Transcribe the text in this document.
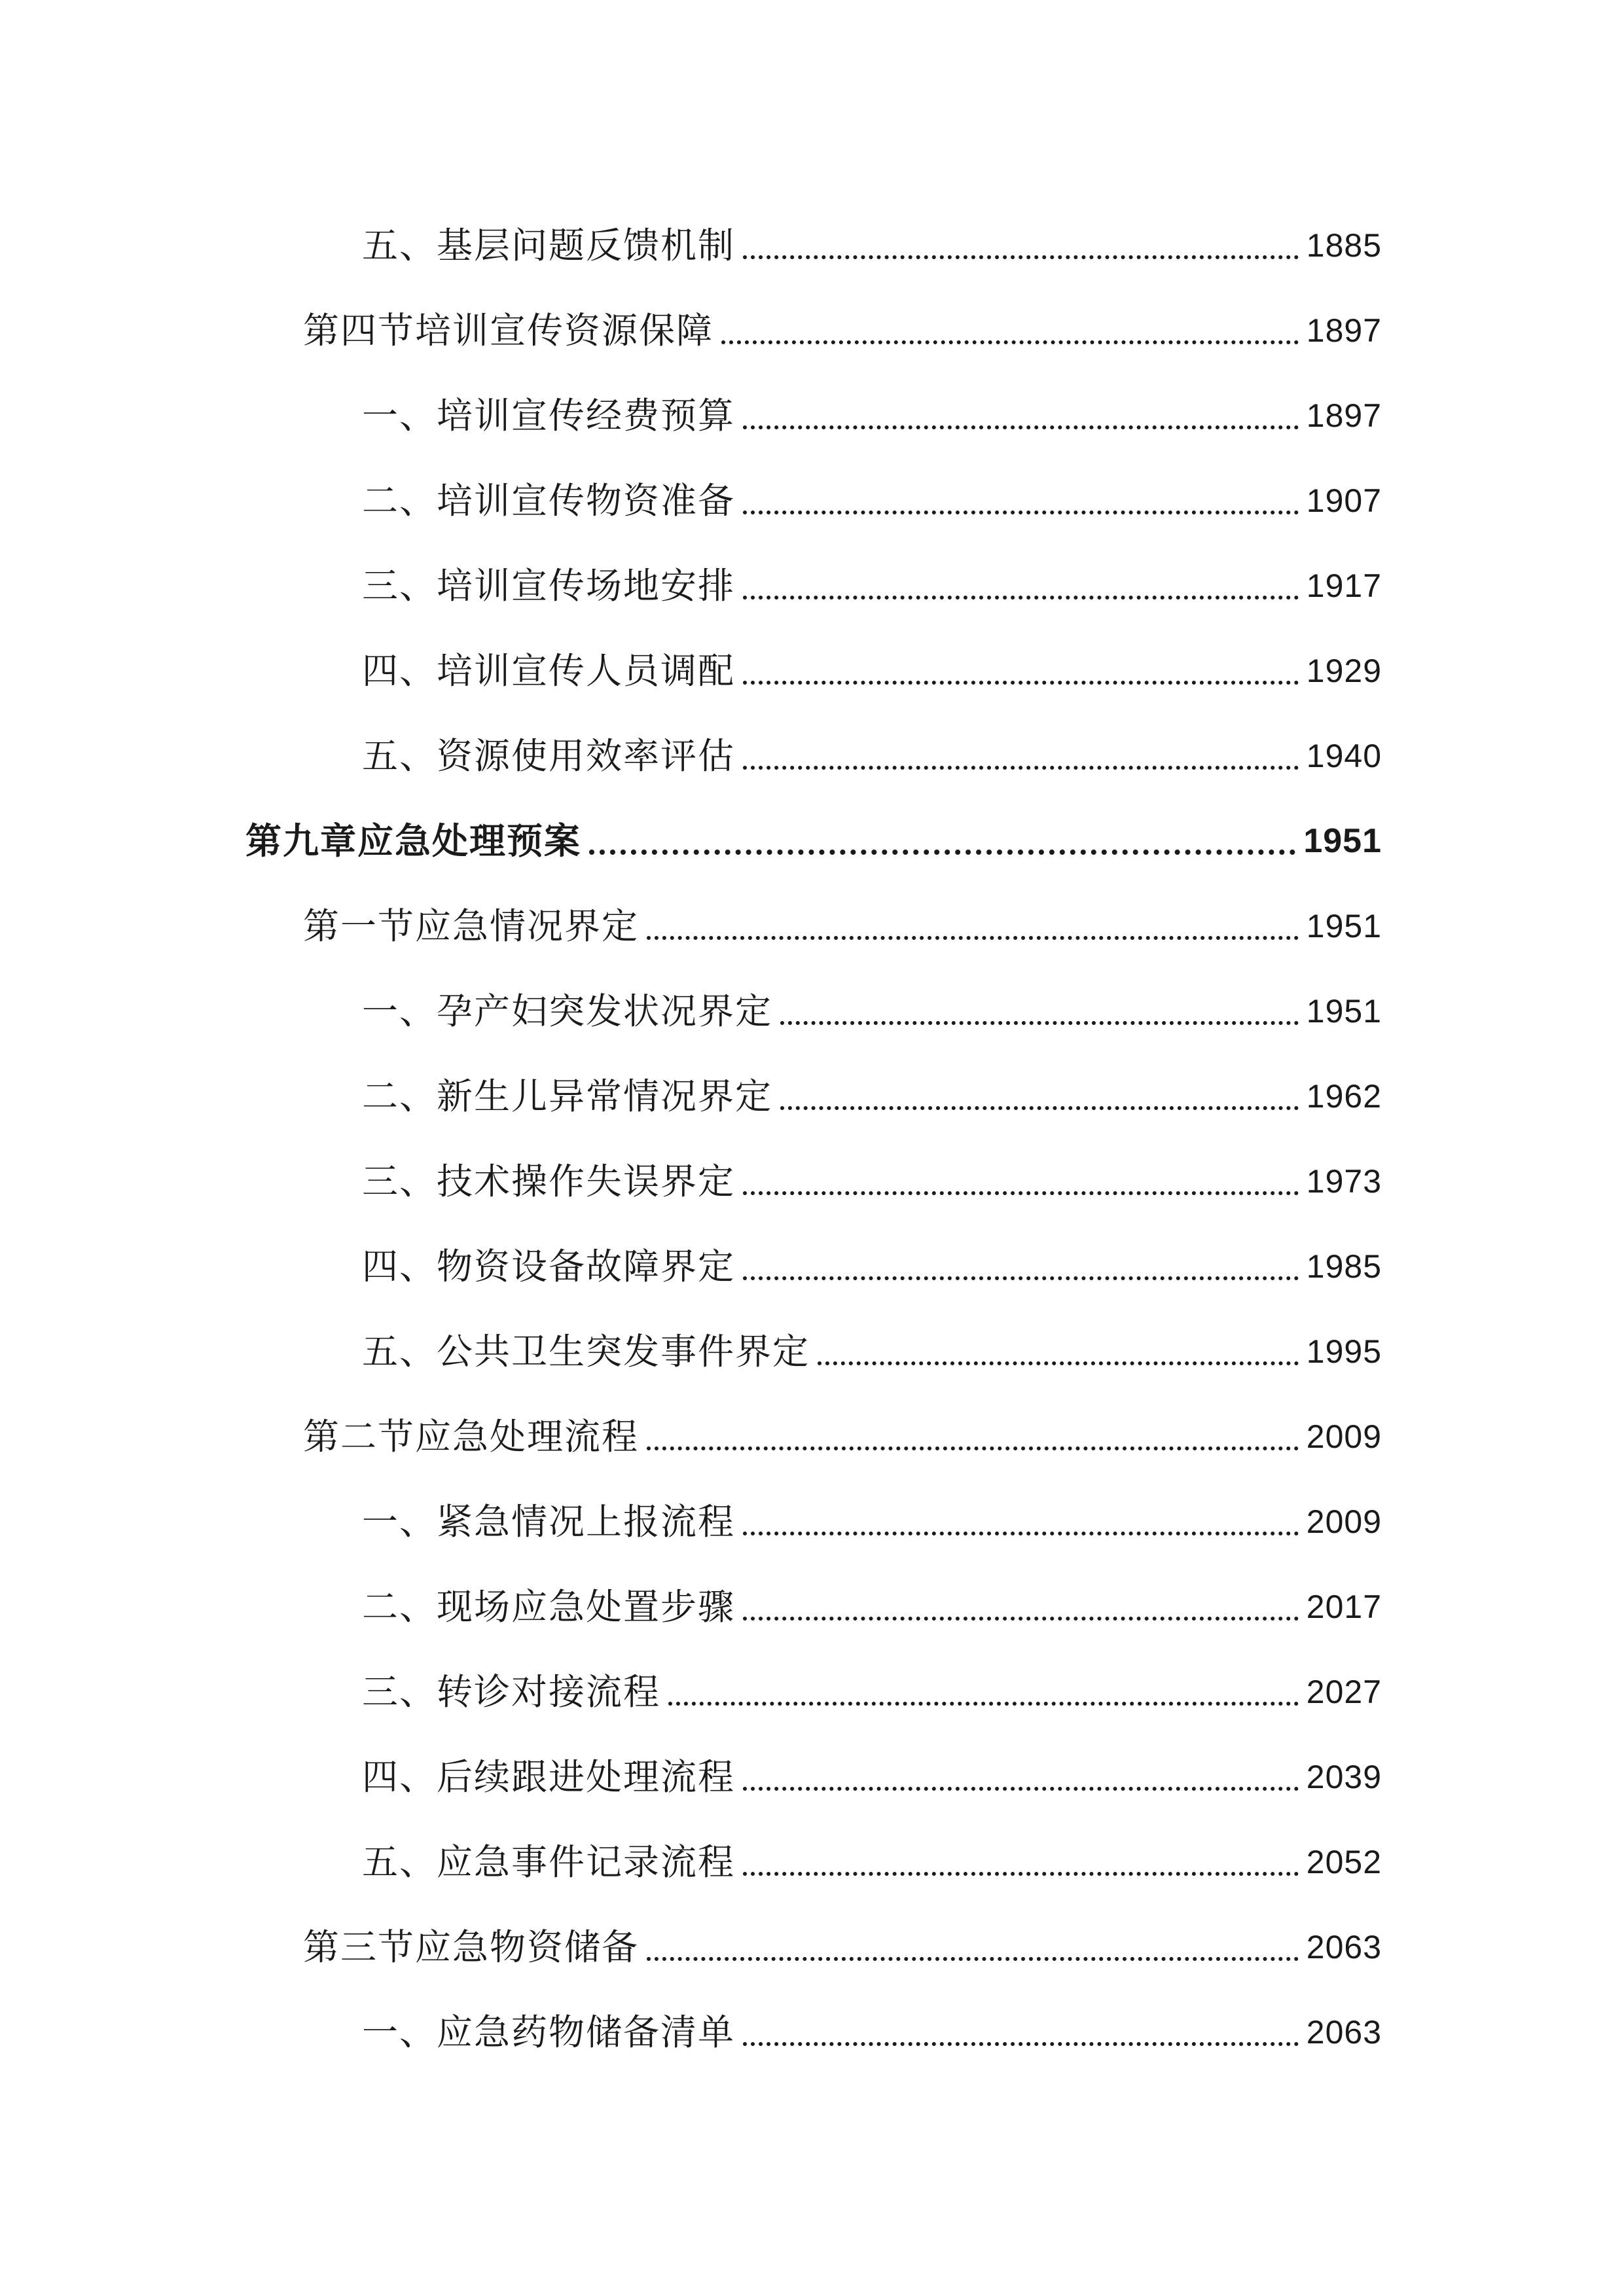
五、基层问题反馈机制	1885
第四节培训宣传资源保障	1897
一、培训宣传经费预算	1897
二、培训宣传物资准备	1907
三、培训宣传场地安排	1917
四、培训宣传人员调配	1929
五、资源使用效率评估	1940
第九章应急处理预案	1951
第一节应急情况界定	1951
一、孕产妇突发状况界定	1951
二、新生儿异常情况界定	1962
三、技术操作失误界定	1973
四、物资设备故障界定	1985
五、公共卫生突发事件界定	1995
第二节应急处理流程	2009
一、紧急情况上报流程	2009
二、现场应急处置步骤	2017
三、转诊对接流程	2027
四、后续跟进处理流程	2039
五、应急事件记录流程	2052
第三节应急物资储备	2063
一、应急药物储备清单	2063
